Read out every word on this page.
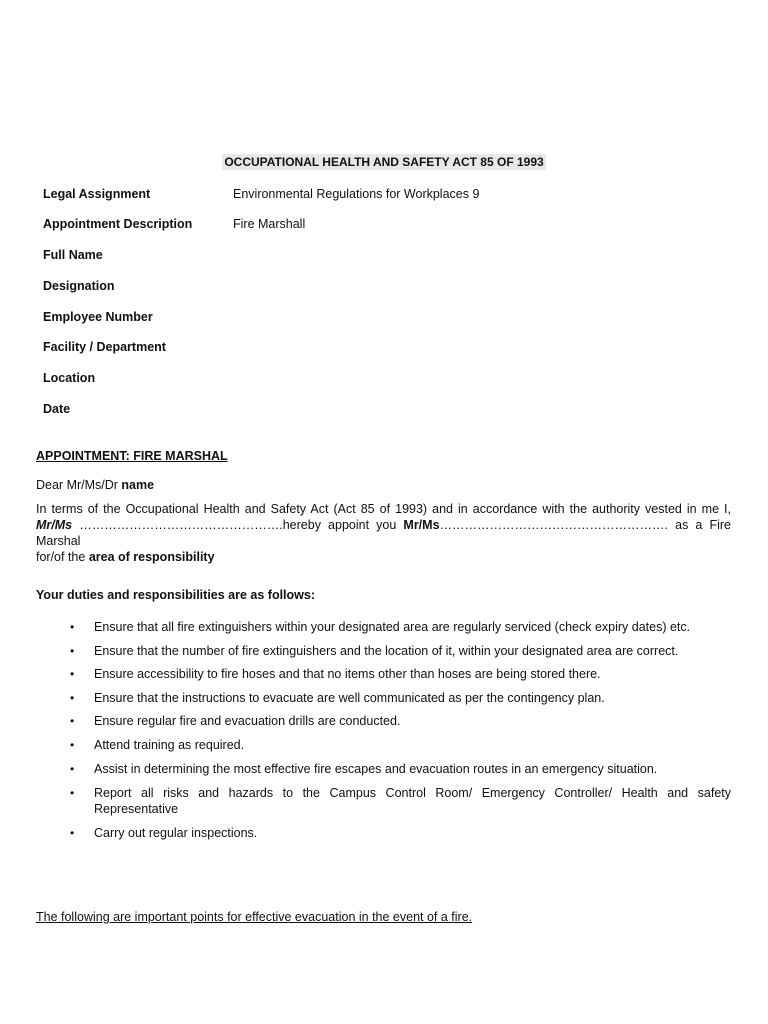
OCCUPATIONAL HEALTH AND SAFETY ACT 85 OF 1993
Legal Assignment	Environmental Regulations for Workplaces 9
Appointment Description	Fire Marshall
Full Name
Designation
Employee Number
Facility / Department
Location
Date
APPOINTMENT: FIRE MARSHAL
Dear Mr/Ms/Dr name
In terms of the Occupational Health and Safety Act (Act 85 of 1993) and in accordance with the authority vested in me I,
Mr/Ms ………………………………………….hereby appoint you Mr/Ms………………………………………………. as a Fire Marshal
for/of the area of responsibility
Your duties and responsibilities are as follows:
• Ensure that all fire extinguishers within your designated area are regularly serviced (check expiry dates) etc.
• Ensure that the number of fire extinguishers and the location of it, within your designated area are correct.
• Ensure accessibility to fire hoses and that no items other than hoses are being stored there.
• Ensure that the instructions to evacuate are well communicated as per the contingency plan.
• Ensure regular fire and evacuation drills are conducted.
• Attend training as required.
• Assist in determining the most effective fire escapes and evacuation routes in an emergency situation.
• Report all risks and hazards to the Campus Control Room/ Emergency Controller/ Health and safety
Representative
• Carry out regular inspections.
The following are important points for effective evacuation in the event of a fire.
